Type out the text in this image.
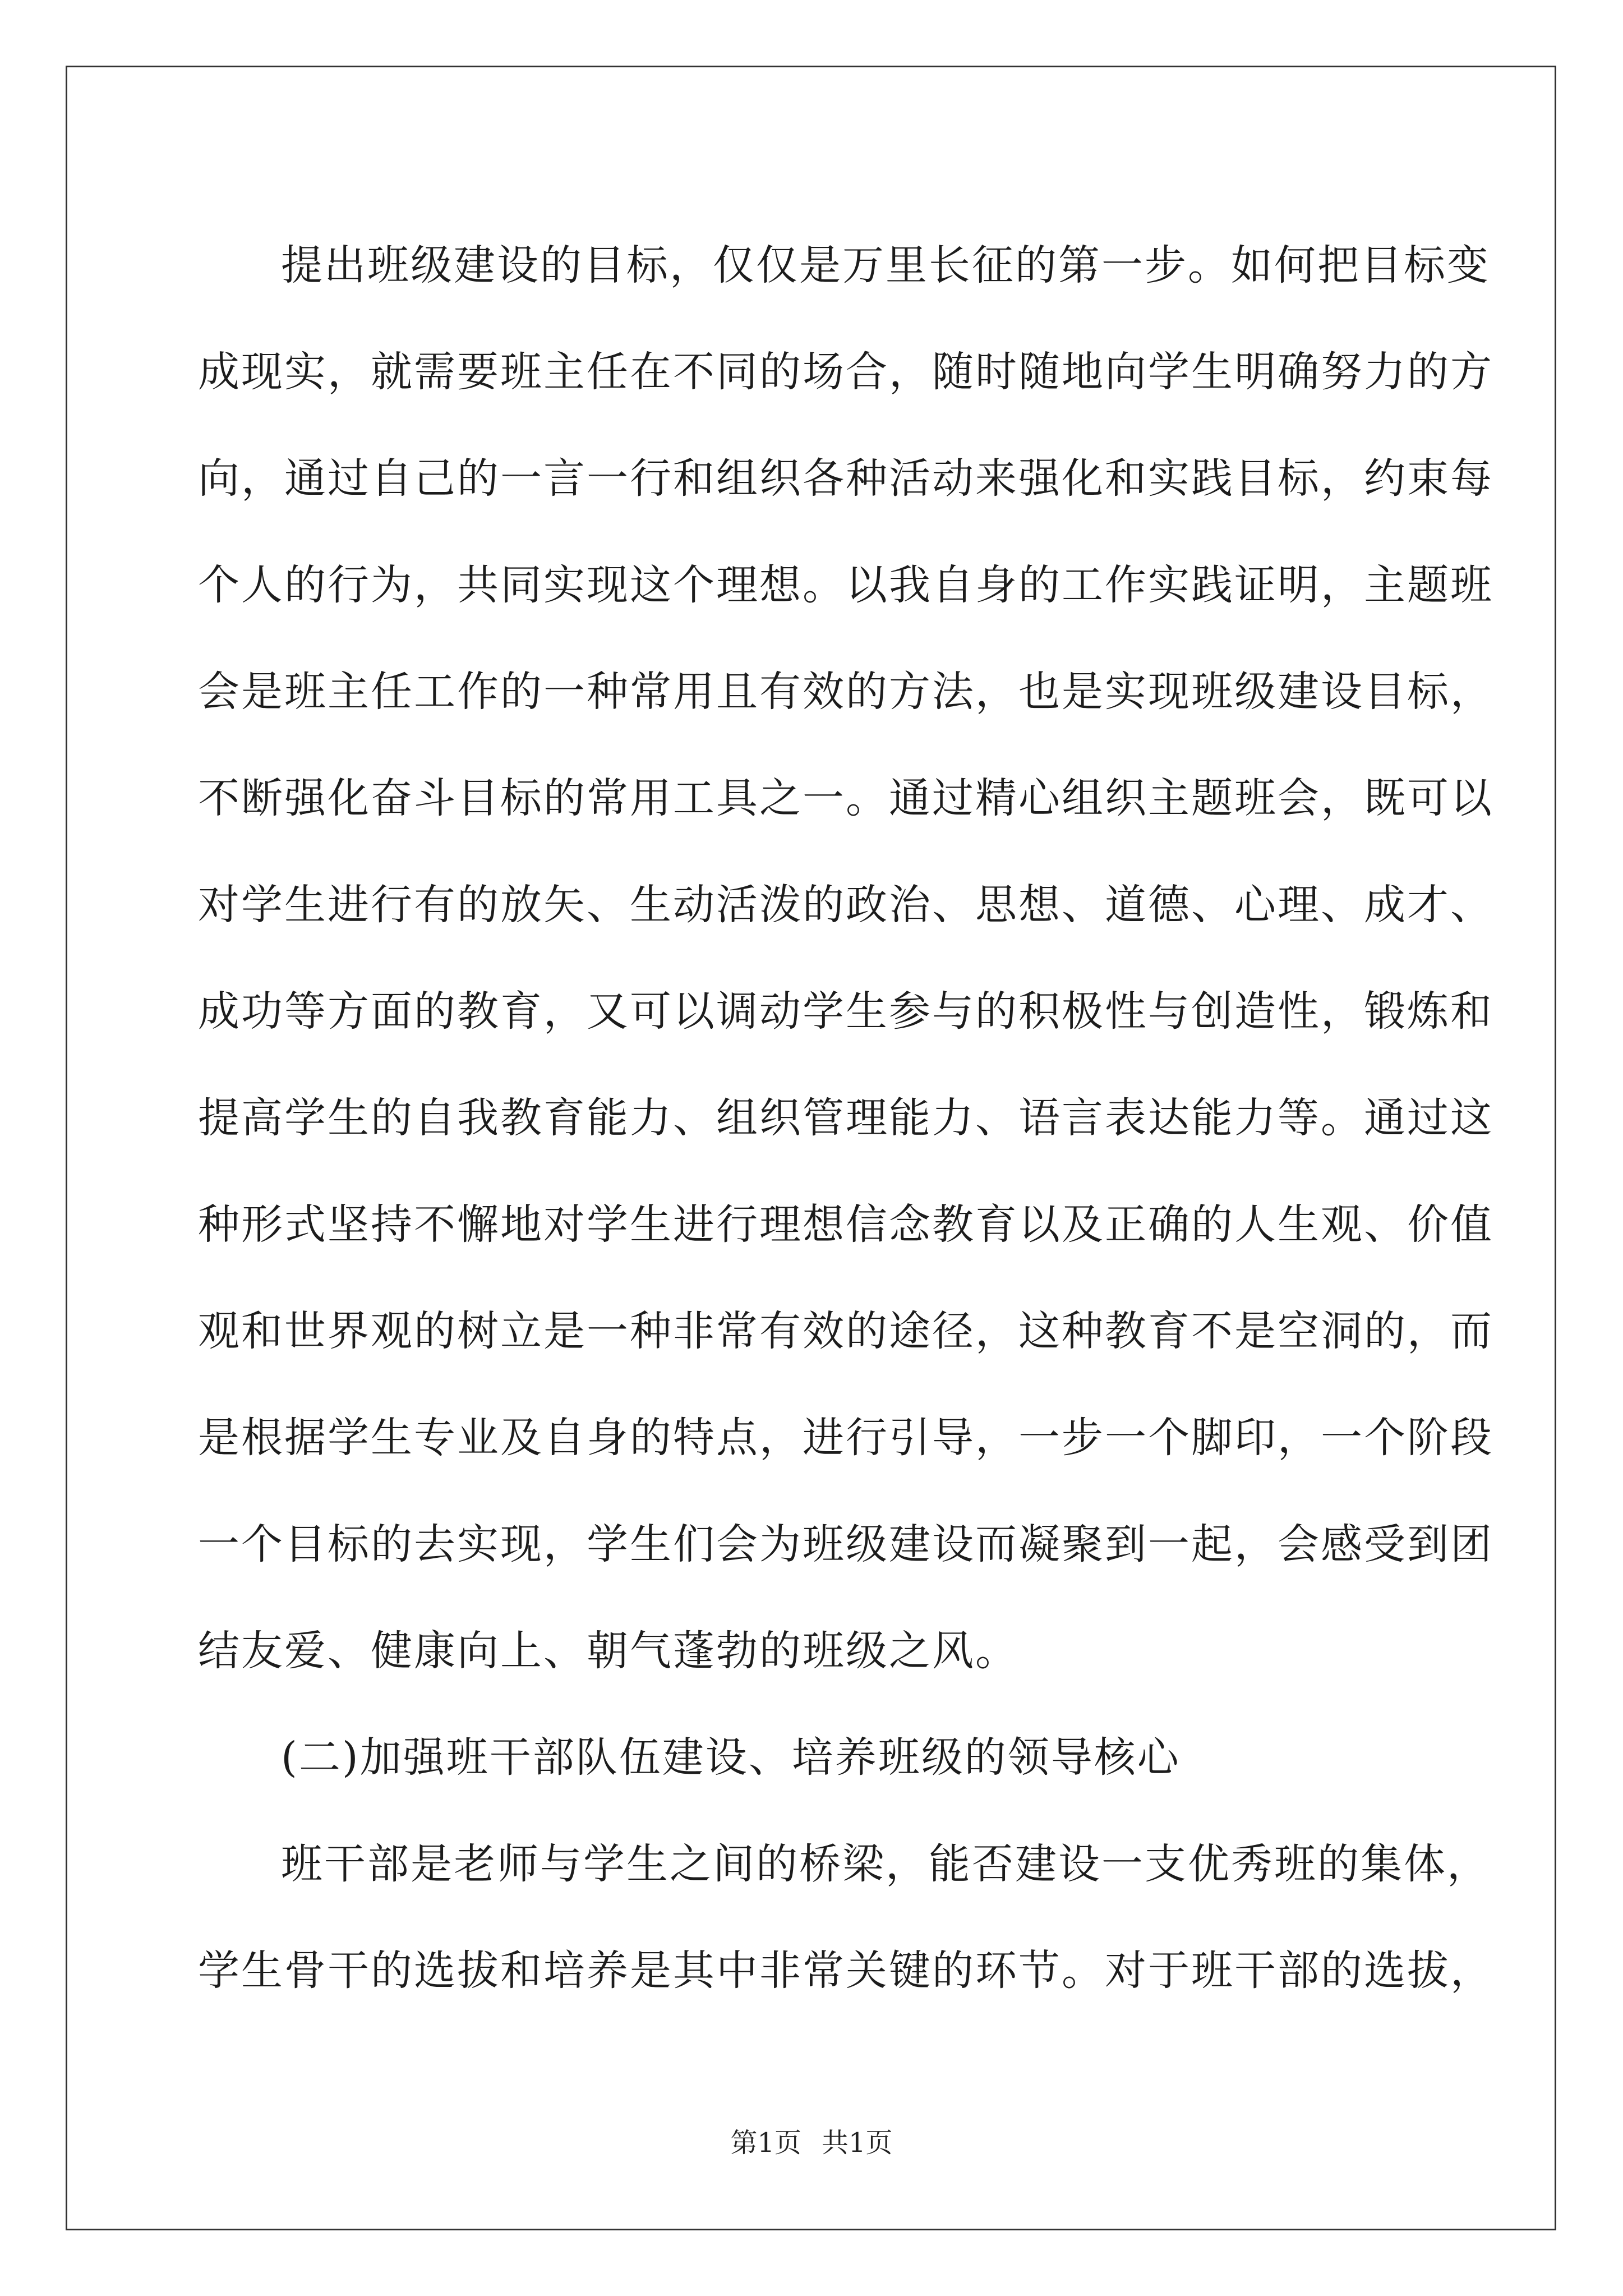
提出班级建设的目标，仅仅是万里长征的第一步。如何把目标变
成现实，就需要班主任在不同的场合，随时随地向学生明确努力的方
向，通过自己的一言一行和组织各种活动来强化和实践目标，约束每
个人的行为，共同实现这个理想。以我自身的工作实践证明，主题班
会是班主任工作的一种常用且有效的方法，也是实现班级建设目标，
不断强化奋斗目标的常用工具之一。通过精心组织主题班会，既可以
对学生进行有的放矢、生动活泼的政治、思想、道德、心理、成才、
成功等方面的教育，又可以调动学生参与的积极性与创造性，锻炼和
提高学生的自我教育能力、组织管理能力、语言表达能力等。通过这
种形式坚持不懈地对学生进行理想信念教育以及正确的人生观、价值
观和世界观的树立是一种非常有效的途径，这种教育不是空洞的，而
是根据学生专业及自身的特点，进行引导，一步一个脚印，一个阶段
一个目标的去实现，学生们会为班级建设而凝聚到一起，会感受到团
结友爱、健康向上、朝气蓬勃的班级之风。
(二)加强班干部队伍建设、培养班级的领导核心
班干部是老师与学生之间的桥梁，能否建设一支优秀班的集体，
学生骨干的选拔和培养是其中非常关键的环节。对于班干部的选拔，
第1页 共1页
